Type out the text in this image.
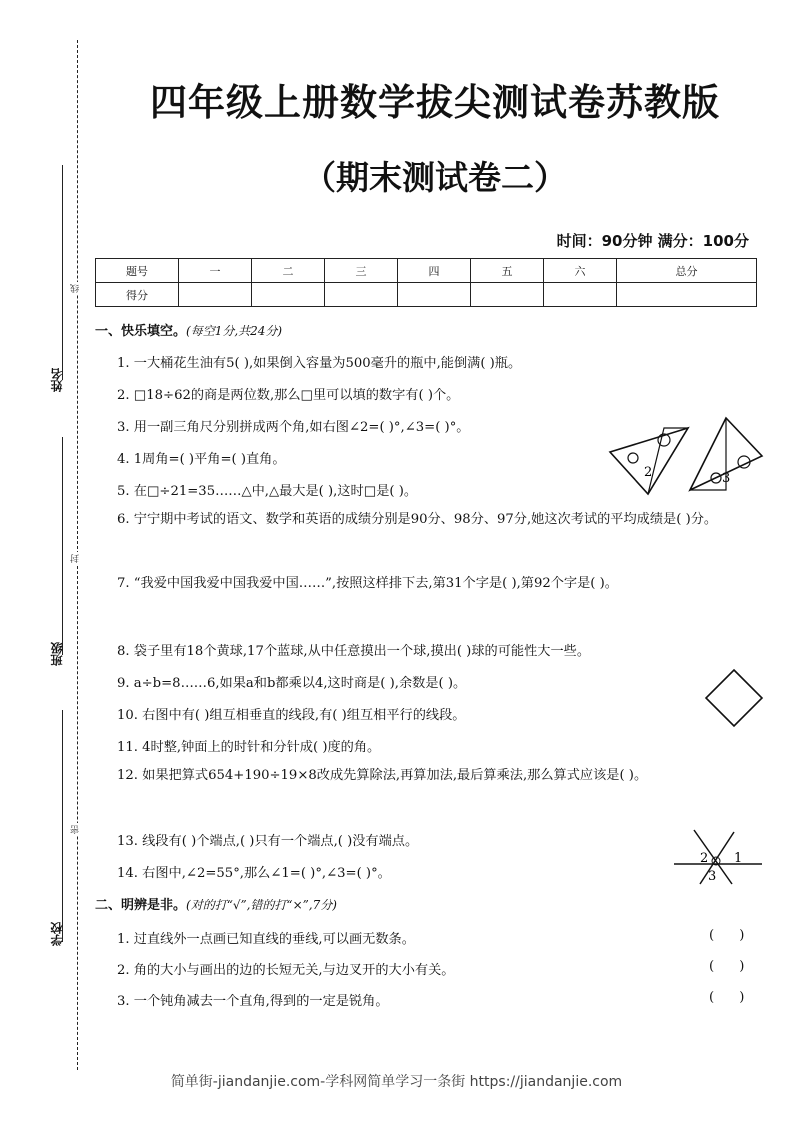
姓名
班级
学校
线
封
密
四年级上册数学拔尖测试卷苏教版
（期末测试卷二）
时间：90分钟 满分：100分
题号	一	二	三	四	五	六	总分
得分							
一、快乐填空。(每空1分,共24分)
1. 一大桶花生油有5( ),如果倒入容量为500毫升的瓶中,能倒满( )瓶。
2. □18÷62的商是两位数,那么□里可以填的数字有( )个。
3. 用一副三角尺分别拼成两个角,如右图∠2=( )°,∠3=( )°。
4. 1周角=( )平角=( )直角。
5. 在□÷21=35……△中,△最大是( ),这时□是( )。
6. 宁宁期中考试的语文、数学和英语的成绩分别是90分、98分、97分,她这次考试的平均成绩是( )分。
7. “我爱中国我爱中国我爱中国……”,按照这样排下去,第31个字是( ),第92个字是( )。
8. 袋子里有18个黄球,17个蓝球,从中任意摸出一个球,摸出( )球的可能性大一些。
9. a÷b=8……6,如果a和b都乘以4,这时商是( ),余数是( )。
10. 右图中有( )组互相垂直的线段,有( )组互相平行的线段。
11. 4时整,钟面上的时针和分针成( )度的角。
12. 如果把算式654+190÷19×8改成先算除法,再算加法,最后算乘法,那么算式应该是( )。
13. 线段有( )个端点,( )只有一个端点,( )没有端点。
14. 右图中,∠2=55°,那么∠1=( )°,∠3=( )°。
二、明辨是非。(对的打“√”,错的打“×”,7分)
1. 过直线外一点画已知直线的垂线,可以画无数条。	(      )
2. 角的大小与画出的边的长短无关,与边叉开的大小有关。	(      )
3. 一个钝角减去一个直角,得到的一定是锐角。	(      )
2	3
2 1
3
简单街-jiandanjie.com-学科网简单学习一条街 https://jiandanjie.com
